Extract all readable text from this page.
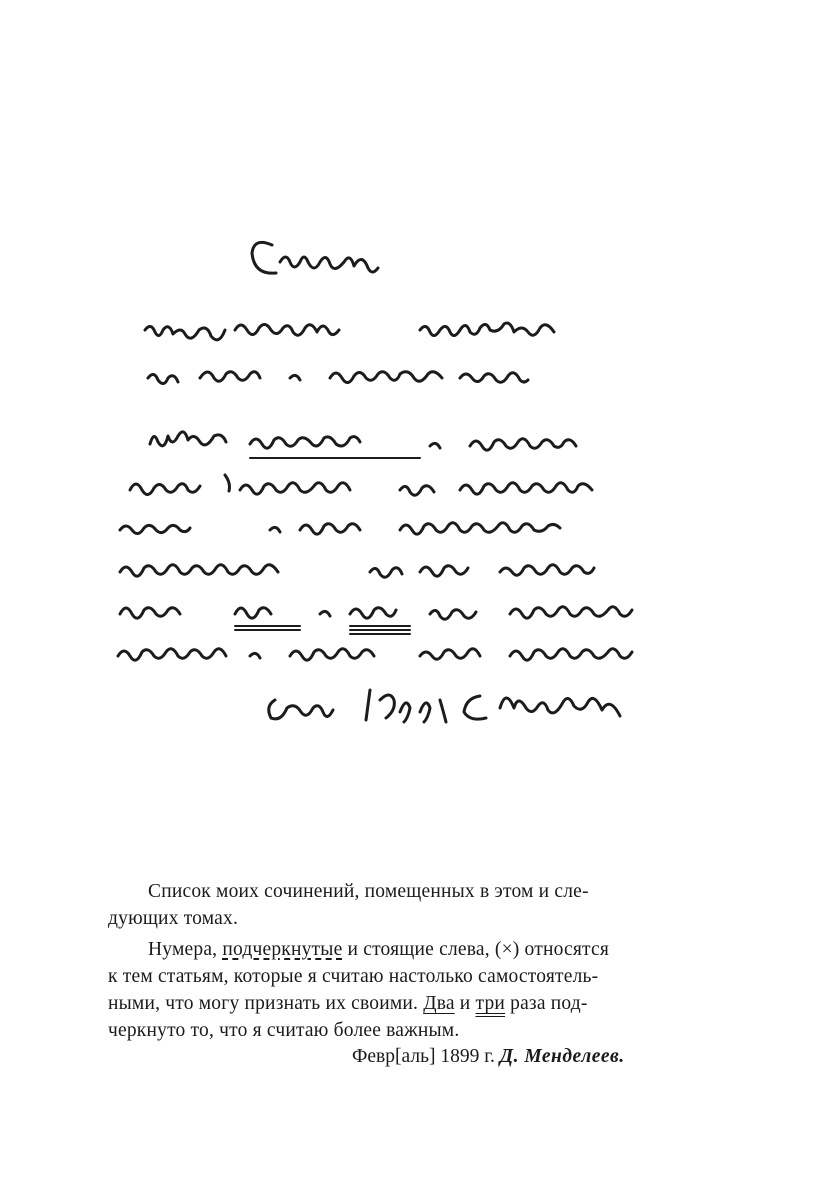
Список моих сочинений, помещенных в этом и сле-
дующих томах.

Нумера, подчеркнутые и стоящие слева, (×) относятся
к тем статьям, которые я считаю настолько самостоятель-
ными, что могу признать их своими. Два и три раза под-
черкнуто то, что я считаю более важным.

Февр[аль] 1899 г. Д. Менделеев.
